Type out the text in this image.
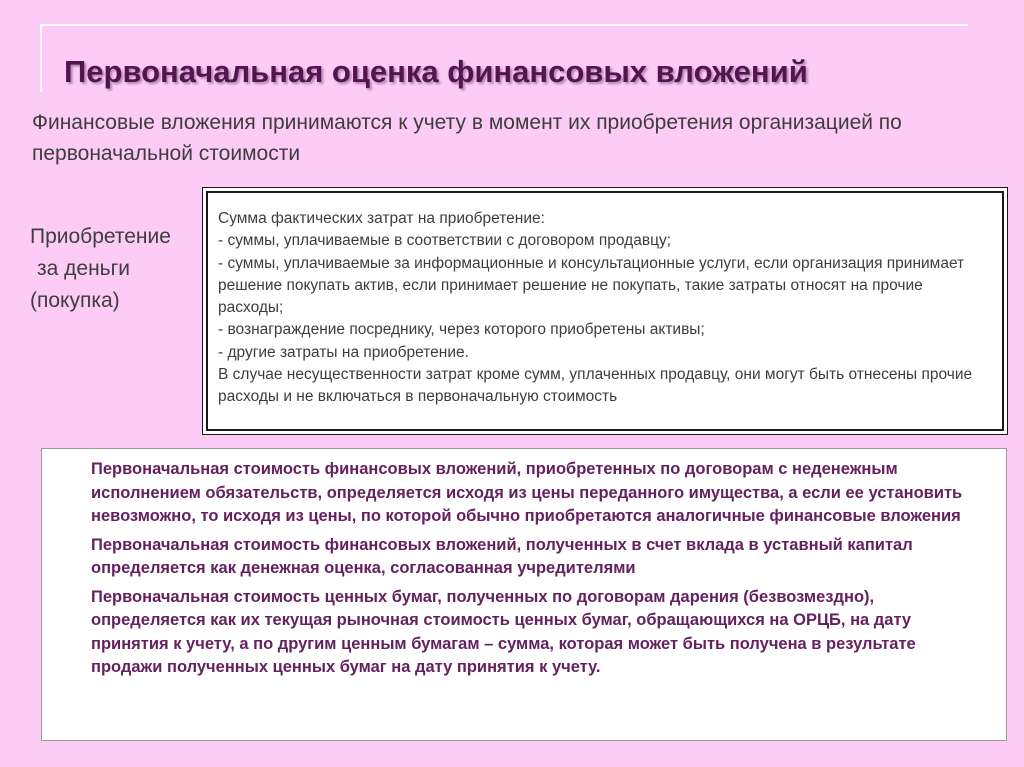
Первоначальная оценка финансовых вложений

Финансовые вложения принимаются к учету в момент их приобретения организацией по первоначальной стоимости

Приобретение
за деньги
(покупка)
Сумма фактических затрат на приобретение:
- суммы, уплачиваемые в соответствии с договором продавцу;
- суммы, уплачиваемые за информационные и консультационные услуги, если организация принимает решение покупать актив, если принимает решение не покупать, такие затраты относят на прочие расходы;
- вознаграждение посреднику, через которого приобретены активы;
- другие затраты на приобретение.
В случае несущественности затрат кроме сумм, уплаченных продавцу, они могут быть отнесены прочие расходы и не включаться в первоначальную стоимость

Первоначальная стоимость финансовых вложений, приобретенных по договорам с неденежным исполнением обязательств, определяется исходя из цены переданного имущества, а если ее установить невозможно, то исходя из цены, по которой обычно приобретаются аналогичные финансовые вложения

Первоначальная стоимость финансовых вложений, полученных в счет вклада в уставный капитал определяется как денежная оценка, согласованная учредителями

Первоначальная стоимость ценных бумаг, полученных по договорам дарения (безвозмездно), определяется как их текущая рыночная стоимость ценных бумаг, обращающихся на ОРЦБ, на дату принятия к учету, а по другим ценным бумагам – сумма, которая может быть получена в результате продажи полученных ценных бумаг на дату принятия к учету.
